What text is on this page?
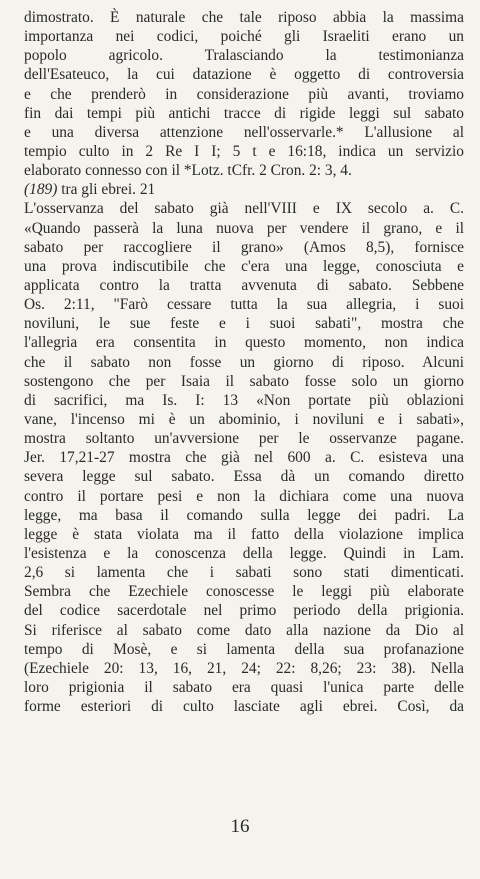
dimostrato. È naturale che tale riposo abbia la massima
importanza nei codici, poiché gli Israeliti erano un
popolo agricolo. Tralasciando la testimonianza
dell'Esateuco, la cui datazione è oggetto di controversia
e che prenderò in considerazione più avanti, troviamo
fin dai tempi più antichi tracce di rigide leggi sul sabato
e una diversa attenzione nell'osservarle.* L'allusione al
tempio culto in 2 Re I I; 5 t e 16:18, indica un servizio
elaborato connesso con il *Lotz. tCfr. 2 Cron. 2: 3, 4.
(189) tra gli ebrei. 21
L'osservanza del sabato già nell'VIII e IX secolo a. C.
«Quando passerà la luna nuova per vendere il grano, e il
sabato per raccogliere il grano» (Amos 8,5), fornisce
una prova indiscutibile che c'era una legge, conosciuta e
applicata contro la tratta avvenuta di sabato. Sebbene
Os. 2:11, "Farò cessare tutta la sua allegria, i suoi
noviluni, le sue feste e i suoi sabati", mostra che
l'allegria era consentita in questo momento, non indica
che il sabato non fosse un giorno di riposo. Alcuni
sostengono che per Isaia il sabato fosse solo un giorno
di sacrifici, ma Is. I: 13 «Non portate più oblazioni
vane, l'incenso mi è un abominio, i noviluni e i sabati»,
mostra soltanto un'avversione per le osservanze pagane.
Jer. 17,21-27 mostra che già nel 600 a. C. esisteva una
severa legge sul sabato. Essa dà un comando diretto
contro il portare pesi e non la dichiara come una nuova
legge, ma basa il comando sulla legge dei padri. La
legge è stata violata ma il fatto della violazione implica
l'esistenza e la conoscenza della legge. Quindi in Lam.
2,6 si lamenta che i sabati sono stati dimenticati.
Sembra che Ezechiele conoscesse le leggi più elaborate
del codice sacerdotale nel primo periodo della prigionia.
Si riferisce al sabato come dato alla nazione da Dio al
tempo di Mosè, e si lamenta della sua profanazione
(Ezechiele 20: 13, 16, 21, 24; 22: 8,26; 23: 38). Nella
loro prigionia il sabato era quasi l'unica parte delle
forme esteriori di culto lasciate agli ebrei. Così, da
16
